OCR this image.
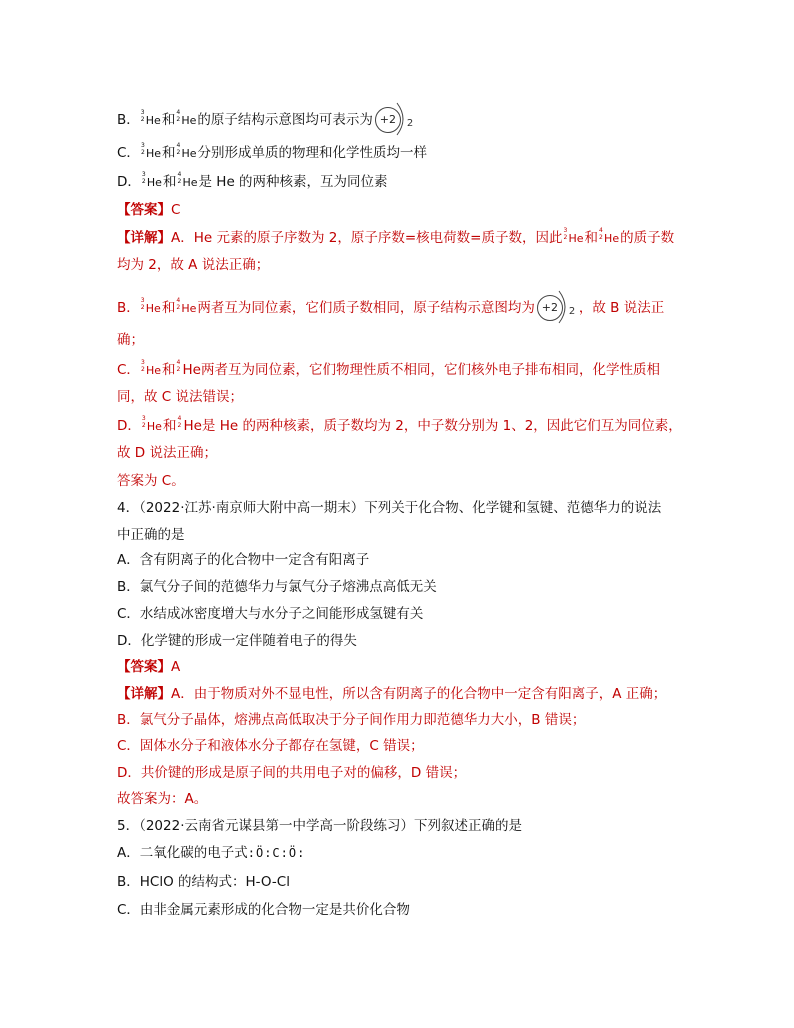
B． 3
2 He和 4
2 He的原子结构示意图均可表示为 +2	2
C． 3
2 He和 4
2 He分别形成单质的物理和化学性质均一样
D． 3
2 He和 4
2 He是 He 的两种核素，互为同位素
【答案】C
【详解】A．He 元素的原子序数为 2，原子序数=核电荷数=质子数，因此 3
2 He和 4
2 He的质子数
均为 2，故 A 说法正确；
B． 3
2 He和 4
2 He两者互为同位素，它们质子数相同，原子结构示意图均为 +2	2 ，故 B 说法正
确；
C． 3
2 He和 4
2 He两者互为同位素，它们物理性质不相同，它们核外电子排布相同，化学性质相
同，故 C 说法错误；
D． 3
2 He和 4
2 He是 He 的两种核素，质子数均为 2，中子数分别为 1、2，因此它们互为同位素，
故 D 说法正确；
答案为 C。
4．（2022·江苏·南京师大附中高一期末）下列关于化合物、化学键和氢键、范德华力的说法
中正确的是
A．含有阴离子的化合物中一定含有阳离子
B．氯气分子间的范德华力与氯气分子熔沸点高低无关
C．水结成冰密度增大与水分子之间能形成氢键有关
D．化学键的形成一定伴随着电子的得失
【答案】A
【详解】A．由于物质对外不显电性，所以含有阴离子的化合物中一定含有阳离子，A 正确；
B．氯气分子晶体，熔沸点高低取决于分子间作用力即范德华力大小，B 错误；
C．固体水分子和液体水分子都存在氢键，C 错误；
D．共价键的形成是原子间的共用电子对的偏移，D 错误；
故答案为：A。
5．（2022·云南省元谋县第一中学高一阶段练习）下列叙述正确的是
A．二氧化碳的电子式:Ö:C:Ö:
B．HClO 的结构式：H-O-Cl
C．由非金属元素形成的化合物一定是共价化合物
